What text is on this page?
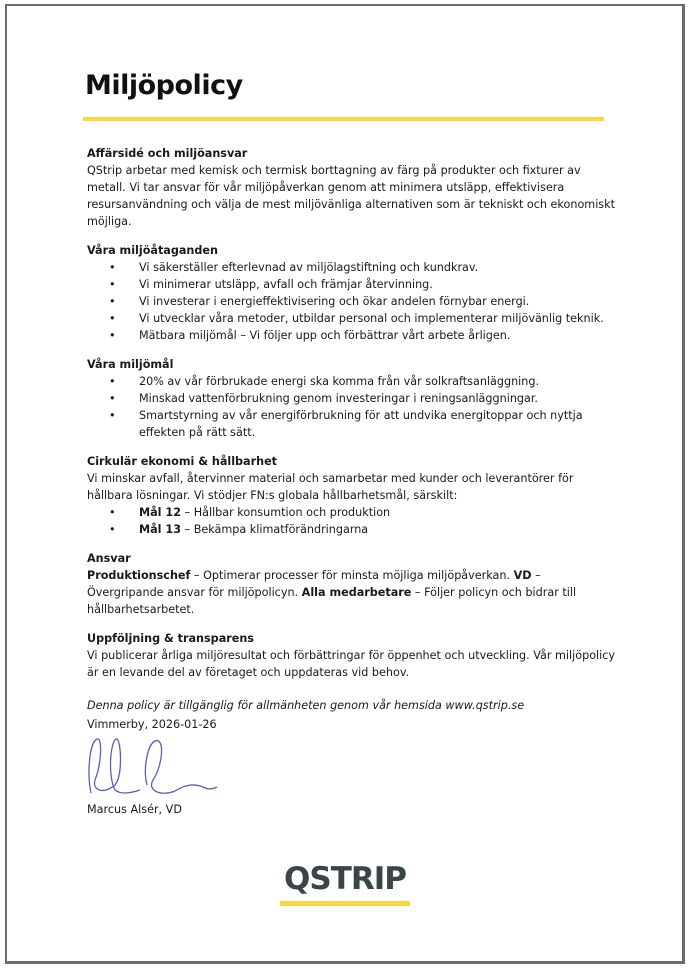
Miljöpolicy

Affärsidé och miljöansvar

QStrip arbetar med kemisk och termisk borttagning av färg på produkter och fixturer av metall. Vi tar ansvar för vår miljöpåverkan genom att minimera utsläpp, effektivisera resursanvändning och välja de mest miljövänliga alternativen som är tekniskt och ekonomiskt möjliga.

Våra miljöåtaganden

• Vi säkerställer efterlevnad av miljölagstiftning och kundkrav.
• Vi minimerar utsläpp, avfall och främjar återvinning.
• Vi investerar i energieffektivisering och ökar andelen förnybar energi.
• Vi utvecklar våra metoder, utbildar personal och implementerar miljövänlig teknik.
• Mätbara miljömål – Vi följer upp och förbättrar vårt arbete årligen.

Våra miljömål

• 20% av vår förbrukade energi ska komma från vår solkraftsanläggning.
• Minskad vattenförbrukning genom investeringar i reningsanläggningar.
• Smartstyrning av vår energiförbrukning för att undvika energitoppar och nyttja effekten på rätt sätt.

Cirkulär ekonomi & hållbarhet

Vi minskar avfall, återvinner material och samarbetar med kunder och leverantörer för hållbara lösningar. Vi stödjer FN:s globala hållbarhetsmål, särskilt:

• Mål 12 – Hållbar konsumtion och produktion
• Mål 13 – Bekämpa klimatförändringarna

Ansvar

Produktionschef – Optimerar processer för minsta möjliga miljöpåverkan. VD – Övergripande ansvar för miljöpolicyn. Alla medarbetare – Följer policyn och bidrar till hållbarhetsarbetet.

Uppföljning & transparens

Vi publicerar årliga miljöresultat och förbättringar för öppenhet och utveckling. Vår miljöpolicy är en levande del av företaget och uppdateras vid behov.

Denna policy är tillgänglig för allmänheten genom vår hemsida www.qstrip.se

Vimmerby, 2026-01-26
Marcus Alsér, VD

QSTRIP
